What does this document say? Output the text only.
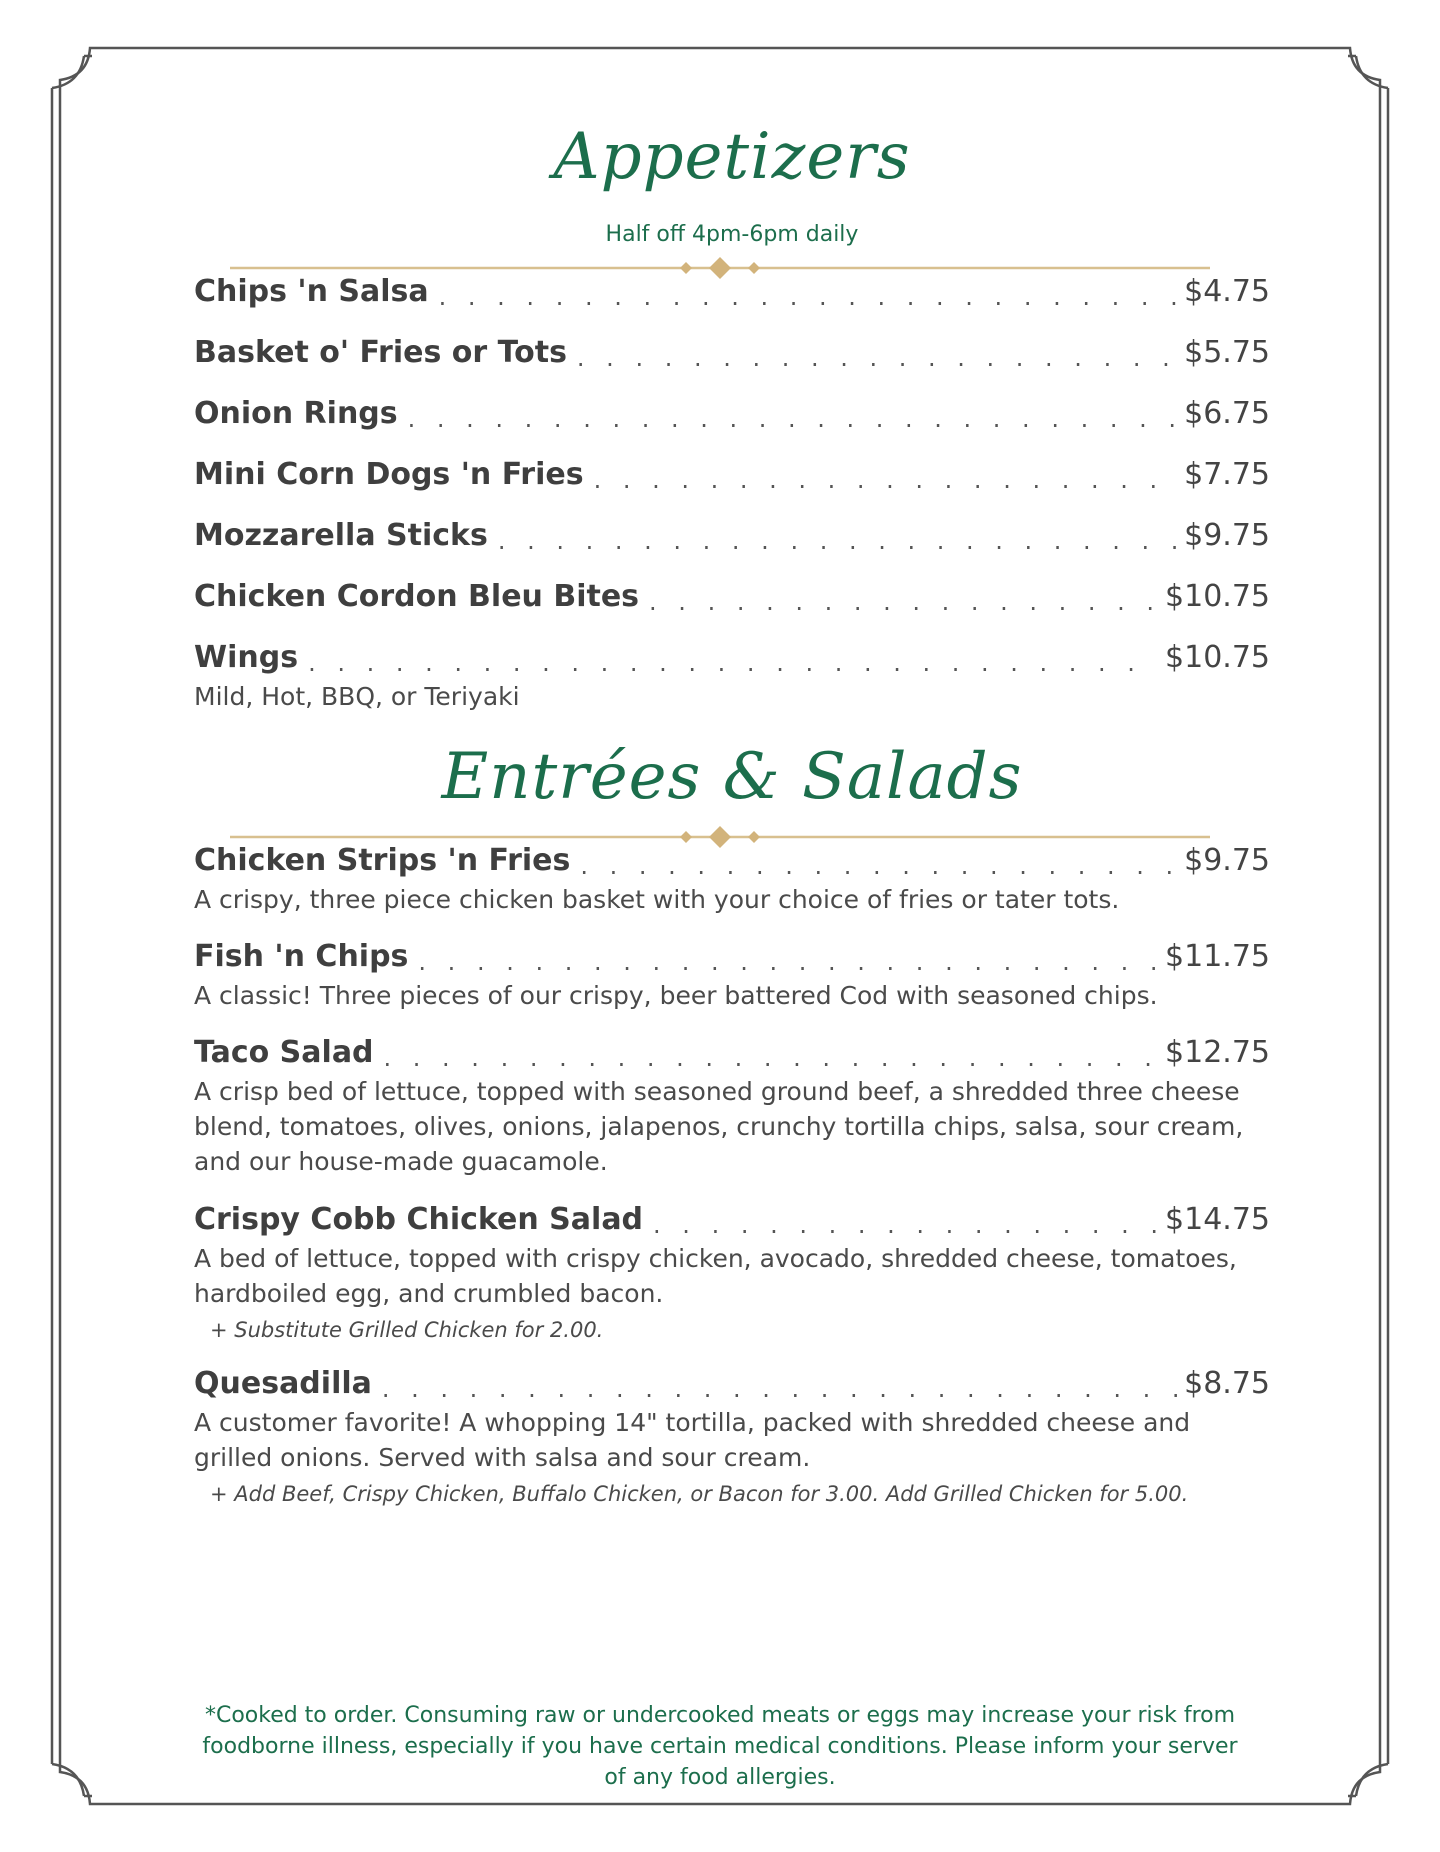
Appetizers
Half off 4pm-6pm daily
Chips 'n Salsa . . .	$4.75
Basket o' Fries or Tots . . .	$5.75
Onion Rings . . .	$6.75
Mini Corn Dogs 'n Fries . . .	$7.75
Mozzarella Sticks . . .	$9.75
Chicken Cordon Bleu Bites . . .	$10.75
Wings . . .	$10.75
Mild, Hot, BBQ, or Teriyaki
Entrées & Salads
Chicken Strips 'n Fries . . .	$9.75
A crispy, three piece chicken basket with your choice of fries or tater tots.
Fish 'n Chips . . .	$11.75
A classic! Three pieces of our crispy, beer battered Cod with seasoned chips.
Taco Salad . . .	$12.75
A crisp bed of lettuce, topped with seasoned ground beef, a shredded three cheese blend, tomatoes, olives, onions, jalapenos, crunchy tortilla chips, salsa, sour cream, and our house-made guacamole.
Crispy Cobb Chicken Salad . . .	$14.75
A bed of lettuce, topped with crispy chicken, avocado, shredded cheese, tomatoes, hardboiled egg, and crumbled bacon.
+ Substitute Grilled Chicken for 2.00.
Quesadilla . . .	$8.75
A customer favorite! A whopping 14" tortilla, packed with shredded cheese and grilled onions. Served with salsa and sour cream.
+ Add Beef, Crispy Chicken, Buffalo Chicken, or Bacon for 3.00. Add Grilled Chicken for 5.00.
*Cooked to order. Consuming raw or undercooked meats or eggs may increase your risk from foodborne illness, especially if you have certain medical conditions. Please inform your server of any food allergies.
